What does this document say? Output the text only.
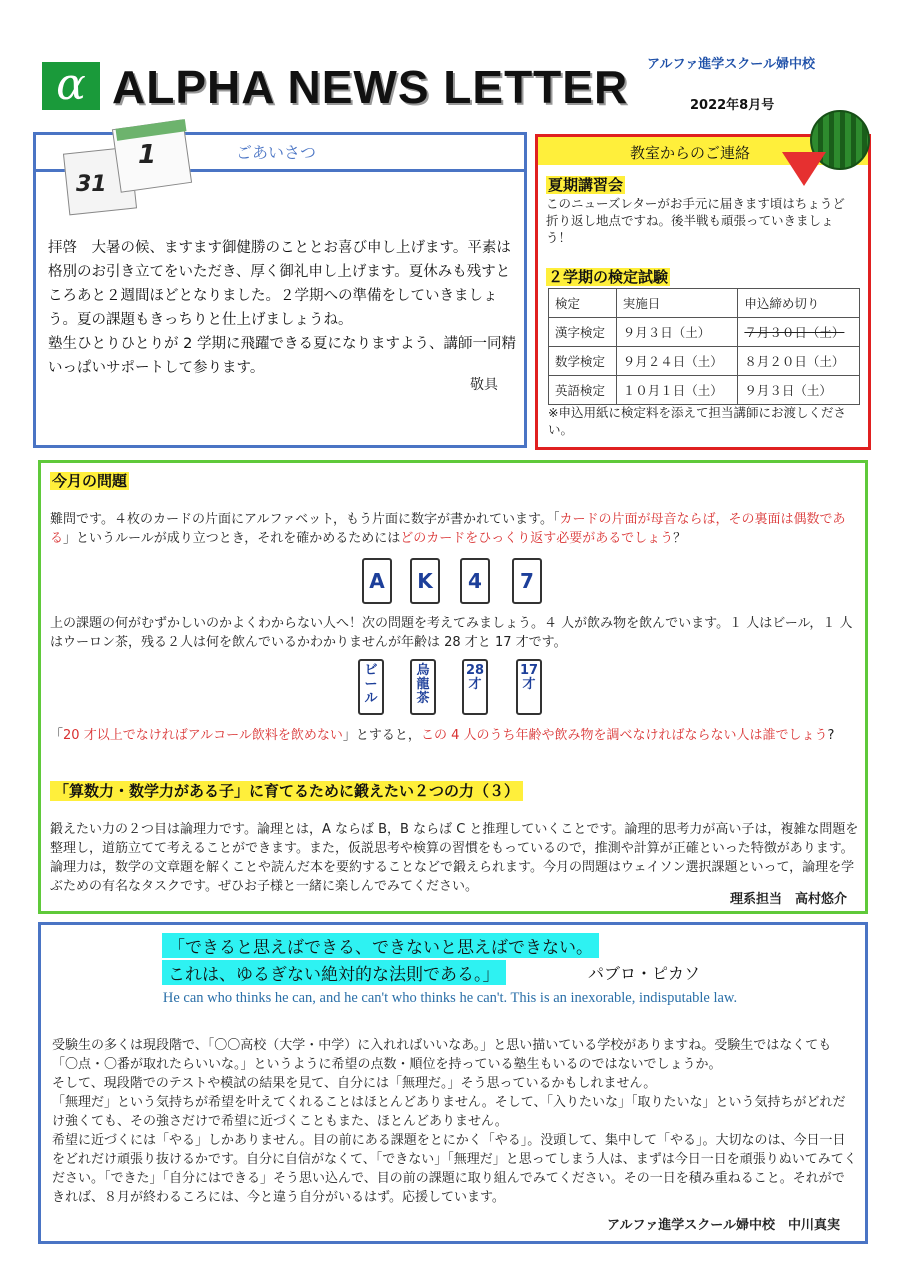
α ALPHA NEWS LETTER アルファ進学スクール婦中校
2022年8月号
ごあいさつ
31
1

拝啓　大暑の候、ますます御健勝のこととお喜び申し上げます。平素は格別のお引き立てをいただき、厚く御礼申し上げます。夏休みも残すところあと２週間ほどとなりました。２学期への準備をしていきましょう。夏の課題もきっちりと仕上げましょうね。

塾生ひとりひとりが 2 学期に飛躍できる夏になりますよう、講師一同精いっぱいサポートして参ります。

敬具
教室からのご連絡
夏期講習会
このニューズレターがお手元に届きます頃はちょうど折り返し地点ですね。後半戦も頑張っていきましょう！
２学期の検定試験
検定	実施日	申込締め切り
漢字検定	９月３日（土）	７月３０日（土）
数学検定	９月２４日（土）	８月２０日（土）
英語検定	１０月１日（土）	９月３日（土）
※申込用紙に検定料を添えて担当講師にお渡しください。
今月の問題
難問です。４枚のカードの片面にアルファベット，もう片面に数字が書かれています。「カードの片面が母音ならば，その裏面は偶数である」というルールが成り立つとき，それを確かめるためにはどのカードをひっくり返す必要があるでしょう？
A	K	4	7
上の課題の何がむずかしいのかよくわからない人へ！次の問題を考えてみましょう。４ 人が飲み物を飲んでいます。１ 人はビール，１ 人はウーロン茶，残る２人は何を飲んでいるかわかりませんが年齢は 28 才と 17 才です。
ビール
烏龍茶
28才
17才
「20 才以上でなければアルコール飲料を飲めない」とすると，この 4 人のうち年齢や飲み物を調べなければならない人は誰でしょう?
「算数力・数学力がある子」に育てるために鍛えたい２つの力（３）
鍛えたい力の２つ目は論理力です。論理とは，A ならば B，B ならば C と推理していくことです。論理的思考力が高い子は，複雑な問題を整理し，道筋立てて考えることができます。また，仮説思考や検算の習慣をもっているので，推測や計算が正確といった特徴があります。論理力は，数学の文章題を解くことや読んだ本を要約することなどで鍛えられます。今月の問題はウェイソン選択課題といって，論理を学ぶための有名なタスクです。ぜひお子様と一緒に楽しんでみてください。
理系担当　高村悠介
「できると思えばできる、できないと思えばできない。
これは、ゆるぎない絶対的な法則である。」	パブロ・ピカソ
He can who thinks he can, and he can't who thinks he can't. This is an inexorable, indisputable law.

受験生の多くは現段階で、「〇〇高校（大学・中学）に入れればいいなあ。」と思い描いている学校がありますね。受験生ではなくても「〇点・〇番が取れたらいいな。」というように希望の点数・順位を持っている塾生もいるのではないでしょうか。

そして、現段階でのテストや模試の結果を見て、自分には「無理だ。」そう思っているかもしれません。

「無理だ」という気持ちが希望を叶えてくれることはほとんどありません。そして、「入りたいな」「取りたいな」という気持ちがどれだけ強くても、その強さだけで希望に近づくこともまた、ほとんどありません。

希望に近づくには「やる」しかありません。目の前にある課題をとにかく「やる」。没頭して、集中して「やる」。大切なのは、今日一日をどれだけ頑張り抜けるかです。自分に自信がなくて、「できない」「無理だ」と思ってしまう人は、まずは今日一日を頑張りぬいてみてください。「できた」「自分にはできる」そう思い込んで、目の前の課題に取り組んでみてください。その一日を積み重ねること。それができれば、８月が終わるころには、今と違う自分がいるはず。応援しています。

アルファ進学スクール婦中校　中川真実
